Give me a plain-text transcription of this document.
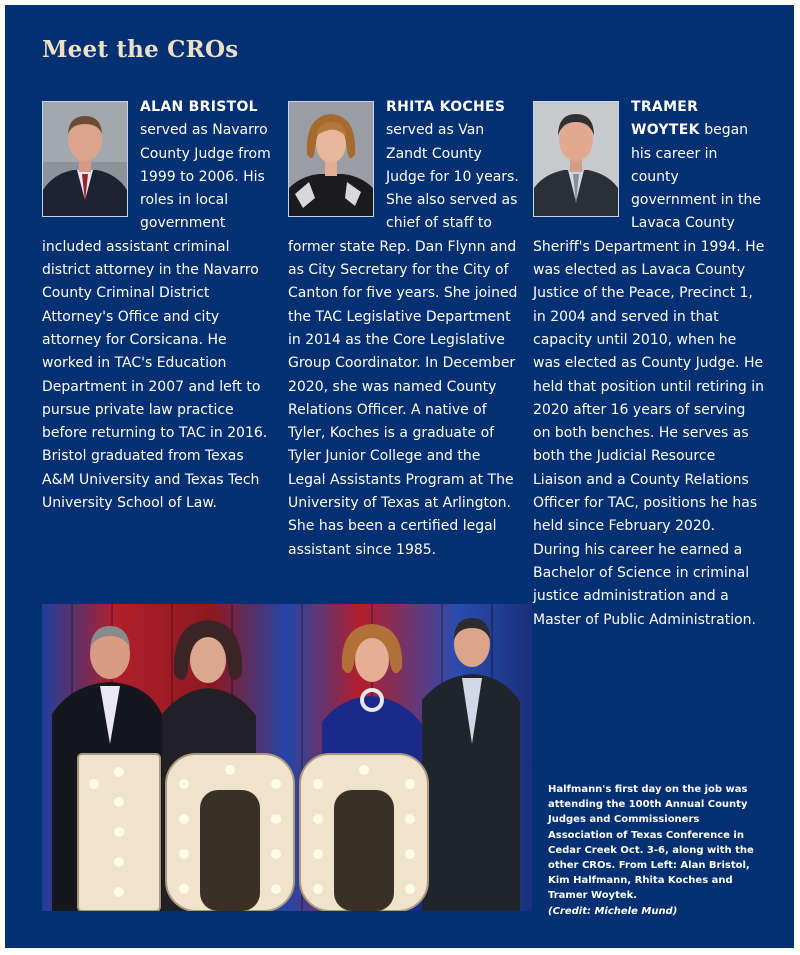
Meet the CROs

ALAN BRISTOL served as Navarro County Judge from 1999 to 2006. His roles in local government included assistant criminal district attorney in the Navarro County Criminal District Attorney's Office and city attorney for Corsicana. He worked in TAC's Education Department in 2007 and left to pursue private law practice before returning to TAC in 2016. Bristol graduated from Texas A&M University and Texas Tech University School of Law.

RHITA KOCHES served as Van Zandt County Judge for 10 years. She also served as chief of staff to former state Rep. Dan Flynn and as City Secretary for the City of Canton for five years. She joined the TAC Legislative Department in 2014 as the Core Legislative Group Coordinator. In December 2020, she was named County Relations Officer. A native of Tyler, Koches is a graduate of Tyler Junior College and the Legal Assistants Program at The University of Texas at Arlington. She has been a certified legal assistant since 1985.

TRAMER WOYTEK began his career in county government in the Lavaca County Sheriff's Department in 1994. He was elected as Lavaca County Justice of the Peace, Precinct 1, in 2004 and served in that capacity until 2010, when he was elected as County Judge. He held that position until retiring in 2020 after 16 years of serving on both benches. He serves as both the Judicial Resource Liaison and a County Relations Officer for TAC, positions he has held since February 2020. During his career he earned a Bachelor of Science in criminal justice administration and a Master of Public Administration.

Halfmann's first day on the job was attending the 100th Annual County Judges and Commissioners Association of Texas Conference in Cedar Creek Oct. 3-6, along with the other CROs. From Left: Alan Bristol, Kim Halfmann, Rhita Koches and Tramer Woytek.
(Credit: Michele Mund)
